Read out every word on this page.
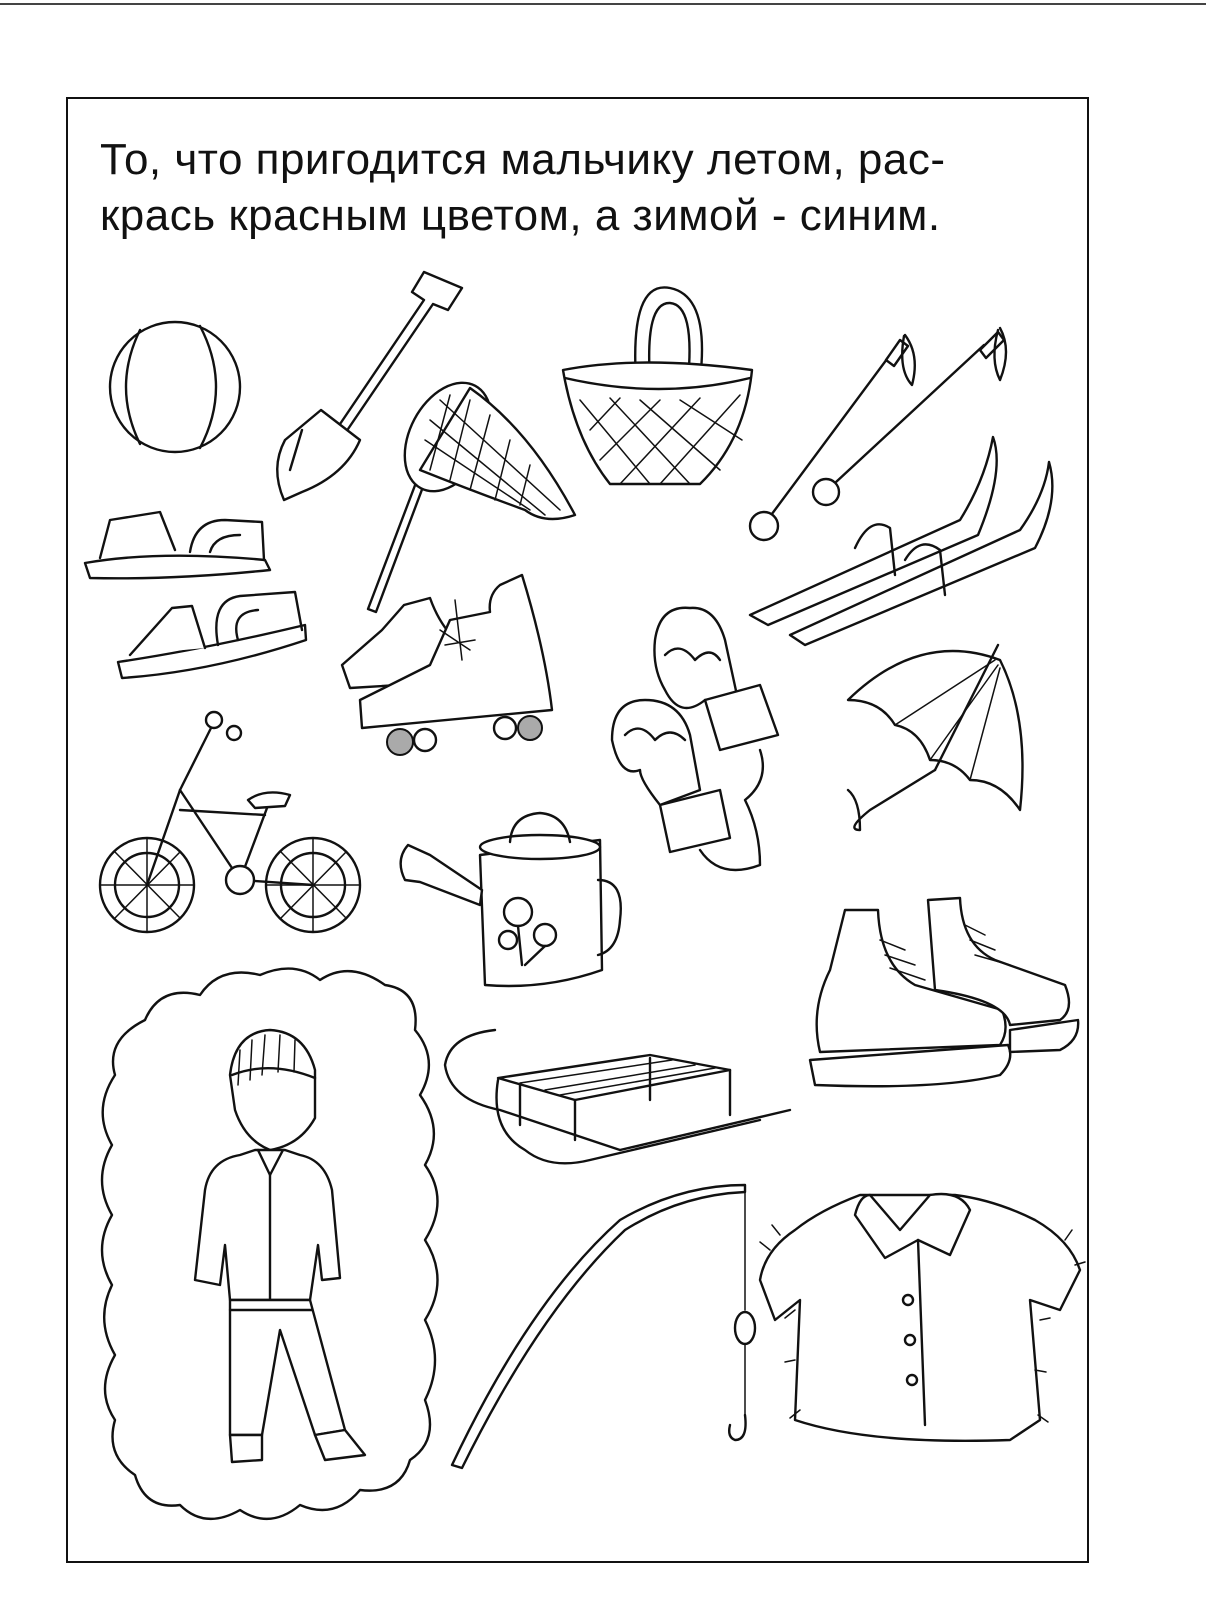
То, что пригодится мальчику летом, рас-
крась красным цветом, а зимой - синим.
